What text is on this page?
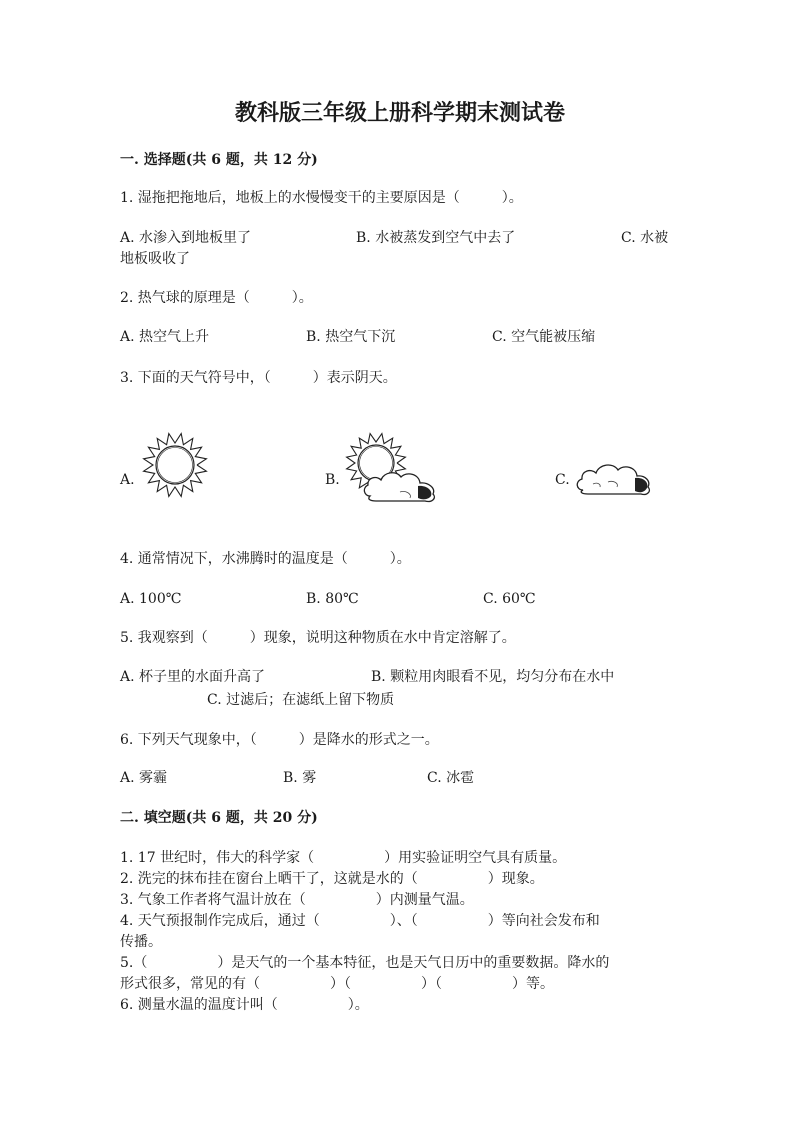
教科版三年级上册科学期末测试卷
一. 选择题(共 6 题，共 12 分)
1. 湿拖把拖地后，地板上的水慢慢变干的主要原因是（　　　）。
A. 水渗入到地板里了	B. 水被蒸发到空气中去了	C. 水被
地板吸收了
2. 热气球的原理是（　　　）。
A. 热空气上升	B. 热空气下沉	C. 空气能被压缩
3. 下面的天气符号中，（　　　）表示阴天。
A.	B.	C.
4. 通常情况下，水沸腾时的温度是（　　　）。
A. 100℃	B. 80℃	C. 60℃
5. 我观察到（　　　）现象，说明这种物质在水中肯定溶解了。
A. 杯子里的水面升高了	B. 颗粒用肉眼看不见，均匀分布在水中
C. 过滤后；在滤纸上留下物质
6. 下列天气现象中，（　　　）是降水的形式之一。
A. 雾霾	B. 雾	C. 冰雹
二. 填空题(共 6 题，共 20 分)
1. 17 世纪时，伟大的科学家（　　　　　）用实验证明空气具有质量。
2. 洗完的抹布挂在窗台上晒干了，这就是水的（　　　　　）现象。
3. 气象工作者将气温计放在（　　　　　）内测量气温。
4. 天气预报制作完成后，通过（　　　　　）、（　　　　　）等向社会发布和
传播。
5.（　　　　　）是天气的一个基本特征，也是天气日历中的重要数据。降水的
形式很多，常见的有（　　　　　）（　　　　　）（　　　　　）等。
6. 测量水温的温度计叫（　　　　　）。
